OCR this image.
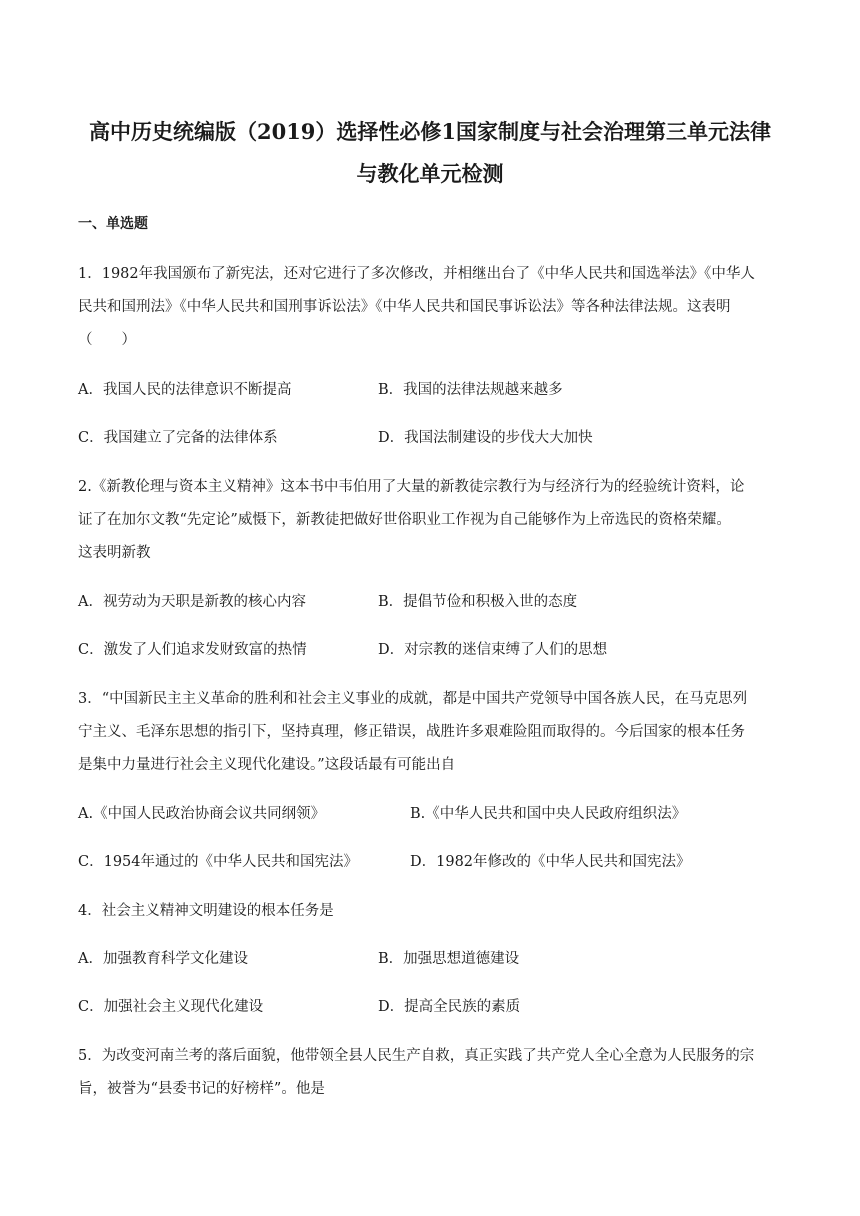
高中历史统编版（2019）选择性必修1国家制度与社会治理第三单元法律
与教化单元检测
一、单选题
1．1982年我国颁布了新宪法，还对它进行了多次修改，并相继出台了《中华人民共和国选举法》《中华人
民共和国刑法》《中华人民共和国刑事诉讼法》《中华人民共和国民事诉讼法》等各种法律法规。这表明
（　　）
A．我国人民的法律意识不断提高	B．我国的法律法规越来越多
C．我国建立了完备的法律体系	D．我国法制建设的步伐大大加快
2.《新教伦理与资本主义精神》这本书中韦伯用了大量的新教徒宗教行为与经济行为的经验统计资料，论
证了在加尔文教“先定论”威慑下，新教徒把做好世俗职业工作视为自己能够作为上帝选民的资格荣耀。
这表明新教
A．视劳动为天职是新教的核心内容	B．提倡节俭和积极入世的态度
C．激发了人们追求发财致富的热情	D．对宗教的迷信束缚了人们的思想
3．“中国新民主主义革命的胜利和社会主义事业的成就，都是中国共产党领导中国各族人民，在马克思列
宁主义、毛泽东思想的指引下，坚持真理，修正错误，战胜许多艰难险阻而取得的。今后国家的根本任务
是集中力量进行社会主义现代化建设。”这段话最有可能出自
A.《中国人民政治协商会议共同纲领》	B.《中华人民共和国中央人民政府组织法》
C．1954年通过的《中华人民共和国宪法》	D．1982年修改的《中华人民共和国宪法》
4．社会主义精神文明建设的根本任务是
A．加强教育科学文化建设	B．加强思想道德建设
C．加强社会主义现代化建设	D．提高全民族的素质
5．为改变河南兰考的落后面貌，他带领全县人民生产自救，真正实践了共产党人全心全意为人民服务的宗
旨，被誉为“县委书记的好榜样”。他是
